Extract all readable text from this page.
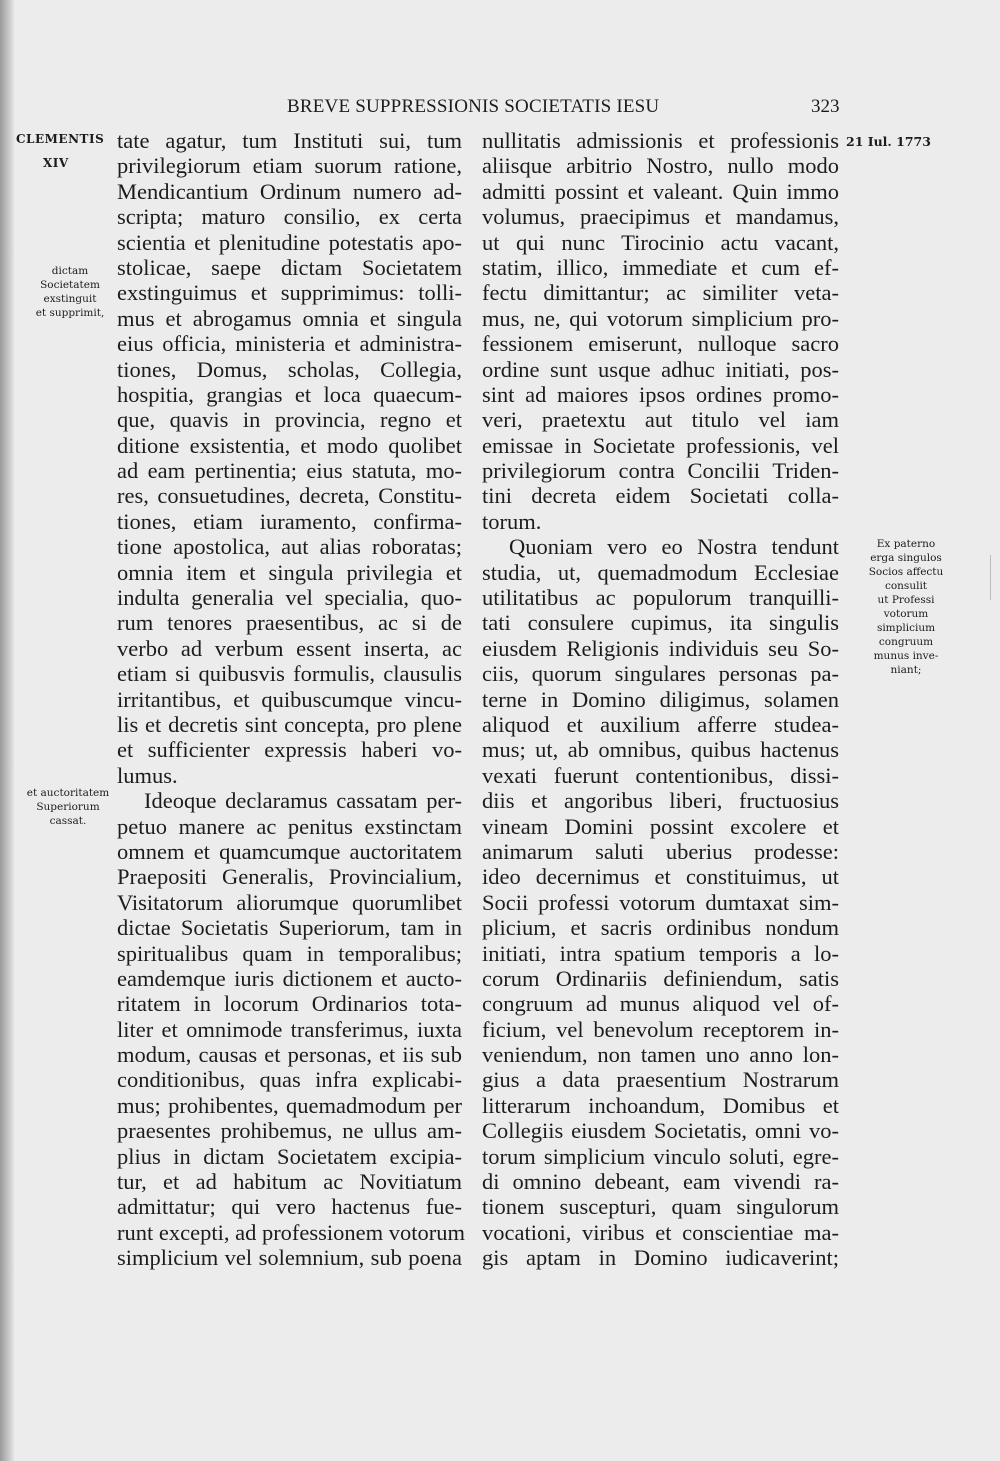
BREVE SUPPRESSIONIS SOCIETATIS IESU	323
CLEMENTIS
XIV
dictam
Societatem
exstinguit
et supprimit,
et auctoritatem
Superiorum
cassat.
21 Iul. 1773
Ex paterno
erga singulos
Socios affectu
consulit
ut Professi
votorum
simplicium
congruum
munus inve-
niant;
tate agatur, tum Instituti sui, tum
privilegiorum etiam suorum ratione,
Mendicantium Ordinum numero ad-
scripta; maturo consilio, ex certa
scientia et plenitudine potestatis apo-
stolicae, saepe dictam Societatem
exstinguimus et supprimimus: tolli-
mus et abrogamus omnia et singula
eius officia, ministeria et administra-
tiones, Domus, scholas, Collegia,
hospitia, grangias et loca quaecum-
que, quavis in provincia, regno et
ditione exsistentia, et modo quolibet
ad eam pertinentia; eius statuta, mo-
res, consuetudines, decreta, Constitu-
tiones, etiam iuramento, confirma-
tione apostolica, aut alias roboratas;
omnia item et singula privilegia et
indulta generalia vel specialia, quo-
rum tenores praesentibus, ac si de
verbo ad verbum essent inserta, ac
etiam si quibusvis formulis, clausulis
irritantibus, et quibuscumque vincu-
lis et decretis sint concepta, pro plene
et sufficienter expressis haberi vo-
lumus.
Ideoque declaramus cassatam per-
petuo manere ac penitus exstinctam
omnem et quamcumque auctoritatem
Praepositi Generalis, Provincialium,
Visitatorum aliorumque quorumlibet
dictae Societatis Superiorum, tam in
spiritualibus quam in temporalibus;
eamdemque iuris dictionem et aucto-
ritatem in locorum Ordinarios tota-
liter et omnimode transferimus, iuxta
modum, causas et personas, et iis sub
conditionibus, quas infra explicabi-
mus; prohibentes, quemadmodum per
praesentes prohibemus, ne ullus am-
plius in dictam Societatem excipia-
tur, et ad habitum ac Novitiatum
admittatur; qui vero hactenus fue-
runt excepti, ad professionem votorum
simplicium vel solemnium, sub poena
nullitatis admissionis et professionis
aliisque arbitrio Nostro, nullo modo
admitti possint et valeant. Quin immo
volumus, praecipimus et mandamus,
ut qui nunc Tirocinio actu vacant,
statim, illico, immediate et cum ef-
fectu dimittantur; ac similiter veta-
mus, ne, qui votorum simplicium pro-
fessionem emiserunt, nulloque sacro
ordine sunt usque adhuc initiati, pos-
sint ad maiores ipsos ordines promo-
veri, praetextu aut titulo vel iam
emissae in Societate professionis, vel
privilegiorum contra Concilii Triden-
tini decreta eidem Societati colla-
torum.
Quoniam vero eo Nostra tendunt
studia, ut, quemadmodum Ecclesiae
utilitatibus ac populorum tranquilli-
tati consulere cupimus, ita singulis
eiusdem Religionis individuis seu So-
ciis, quorum singulares personas pa-
terne in Domino diligimus, solamen
aliquod et auxilium afferre studea-
mus; ut, ab omnibus, quibus hactenus
vexati fuerunt contentionibus, dissi-
diis et angoribus liberi, fructuosius
vineam Domini possint excolere et
animarum saluti uberius prodesse:
ideo decernimus et constituimus, ut
Socii professi votorum dumtaxat sim-
plicium, et sacris ordinibus nondum
initiati, intra spatium temporis a lo-
corum Ordinariis definiendum, satis
congruum ad munus aliquod vel of-
ficium, vel benevolum receptorem in-
veniendum, non tamen uno anno lon-
gius a data praesentium Nostrarum
litterarum inchoandum, Domibus et
Collegiis eiusdem Societatis, omni vo-
torum simplicium vinculo soluti, egre-
di omnino debeant, eam vivendi ra-
tionem suscepturi, quam singulorum
vocationi, viribus et conscientiae ma-
gis aptam in Domino iudicaverint;
